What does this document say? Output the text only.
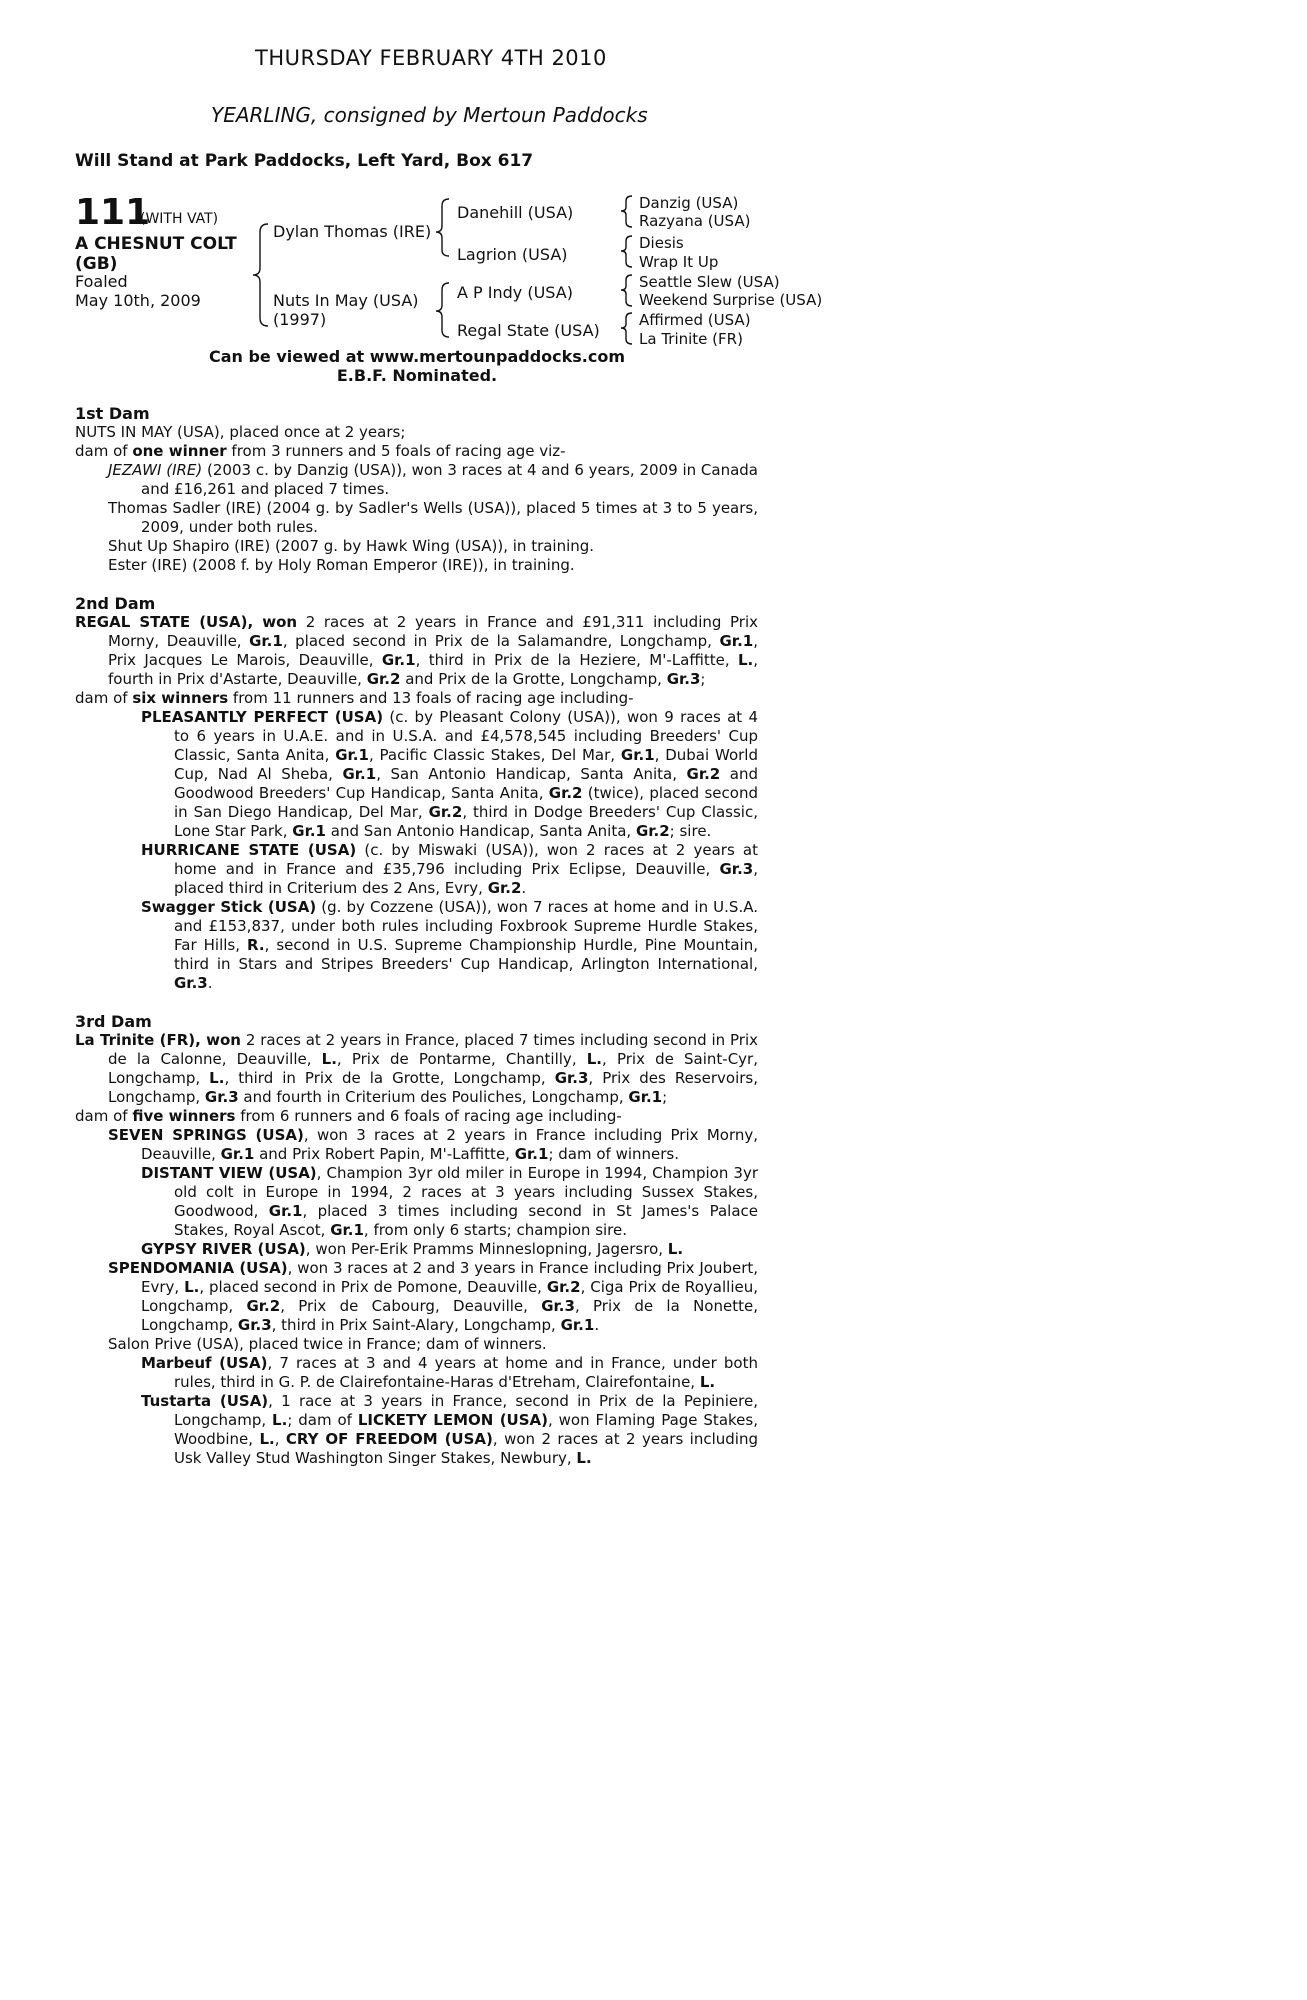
THURSDAY FEBRUARY 4TH 2010
YEARLING, consigned by Mertoun Paddocks
Will Stand at Park Paddocks, Left Yard, Box 617
111
(WITH VAT)
A CHESNUT COLT
(GB)
Foaled
May 10th, 2009
Dylan Thomas (IRE)
Nuts In May (USA)
(1997)
Danehill (USA)
Lagrion (USA)
A P Indy (USA)
Regal State (USA)
Danzig (USA)
Razyana (USA)
Diesis
Wrap It Up
Seattle Slew (USA)
Weekend Surprise (USA)
Affirmed (USA)
La Trinite (FR)
Can be viewed at www.mertounpaddocks.com
E.B.F. Nominated.
1st Dam

NUTS IN MAY (USA), placed once at 2 years;

dam of one winner from 3 runners and 5 foals of racing age viz-

JEZAWI (IRE) (2003 c. by Danzig (USA)), won 3 races at 4 and 6 years, 2009 in Canada and £16,261 and placed 7 times.

Thomas Sadler (IRE) (2004 g. by Sadler's Wells (USA)), placed 5 times at 3 to 5 years, 2009, under both rules.

Shut Up Shapiro (IRE) (2007 g. by Hawk Wing (USA)), in training.

Ester (IRE) (2008 f. by Holy Roman Emperor (IRE)), in training.

2nd Dam

REGAL STATE (USA), won 2 races at 2 years in France and £91,311 including Prix Morny, Deauville, Gr.1, placed second in Prix de la Salamandre, Longchamp, Gr.1, Prix Jacques Le Marois, Deauville, Gr.1, third in Prix de la Heziere, M'-Laffitte, L., fourth in Prix d'Astarte, Deauville, Gr.2 and Prix de la Grotte, Longchamp, Gr.3;

dam of six winners from 11 runners and 13 foals of racing age including-

PLEASANTLY PERFECT (USA) (c. by Pleasant Colony (USA)), won 9 races at 4 to 6 years in U.A.E. and in U.S.A. and £4,578,545 including Breeders' Cup Classic, Santa Anita, Gr.1, Pacific Classic Stakes, Del Mar, Gr.1, Dubai World Cup, Nad Al Sheba, Gr.1, San Antonio Handicap, Santa Anita, Gr.2 and Goodwood Breeders' Cup Handicap, Santa Anita, Gr.2 (twice), placed second in San Diego Handicap, Del Mar, Gr.2, third in Dodge Breeders' Cup Classic, Lone Star Park, Gr.1 and San Antonio Handicap, Santa Anita, Gr.2; sire.

HURRICANE STATE (USA) (c. by Miswaki (USA)), won 2 races at 2 years at home and in France and £35,796 including Prix Eclipse, Deauville, Gr.3, placed third in Criterium des 2 Ans, Evry, Gr.2.

Swagger Stick (USA) (g. by Cozzene (USA)), won 7 races at home and in U.S.A. and £153,837, under both rules including Foxbrook Supreme Hurdle Stakes, Far Hills, R., second in U.S. Supreme Championship Hurdle, Pine Mountain, third in Stars and Stripes Breeders' Cup Handicap, Arlington International, Gr.3.

3rd Dam

La Trinite (FR), won 2 races at 2 years in France, placed 7 times including second in Prix de la Calonne, Deauville, L., Prix de Pontarme, Chantilly, L., Prix de Saint-Cyr, Longchamp, L., third in Prix de la Grotte, Longchamp, Gr.3, Prix des Reservoirs, Longchamp, Gr.3 and fourth in Criterium des Pouliches, Longchamp, Gr.1;

dam of five winners from 6 runners and 6 foals of racing age including-

SEVEN SPRINGS (USA), won 3 races at 2 years in France including Prix Morny, Deauville, Gr.1 and Prix Robert Papin, M'-Laffitte, Gr.1; dam of winners.

DISTANT VIEW (USA), Champion 3yr old miler in Europe in 1994, Champion 3yr old colt in Europe in 1994, 2 races at 3 years including Sussex Stakes, Goodwood, Gr.1, placed 3 times including second in St James's Palace Stakes, Royal Ascot, Gr.1, from only 6 starts; champion sire.

GYPSY RIVER (USA), won Per-Erik Pramms Minneslopning, Jagersro, L.

SPENDOMANIA (USA), won 3 races at 2 and 3 years in France including Prix Joubert, Evry, L., placed second in Prix de Pomone, Deauville, Gr.2, Ciga Prix de Royallieu, Longchamp, Gr.2, Prix de Cabourg, Deauville, Gr.3, Prix de la Nonette, Longchamp, Gr.3, third in Prix Saint-Alary, Longchamp, Gr.1.

Salon Prive (USA), placed twice in France; dam of winners.

Marbeuf (USA), 7 races at 3 and 4 years at home and in France, under both rules, third in G. P. de Clairefontaine-Haras d'Etreham, Clairefontaine, L.

Tustarta (USA), 1 race at 3 years in France, second in Prix de la Pepiniere, Longchamp, L.; dam of LICKETY LEMON (USA), won Flaming Page Stakes, Woodbine, L., CRY OF FREEDOM (USA), won 2 races at 2 years including Usk Valley Stud Washington Singer Stakes, Newbury, L.
